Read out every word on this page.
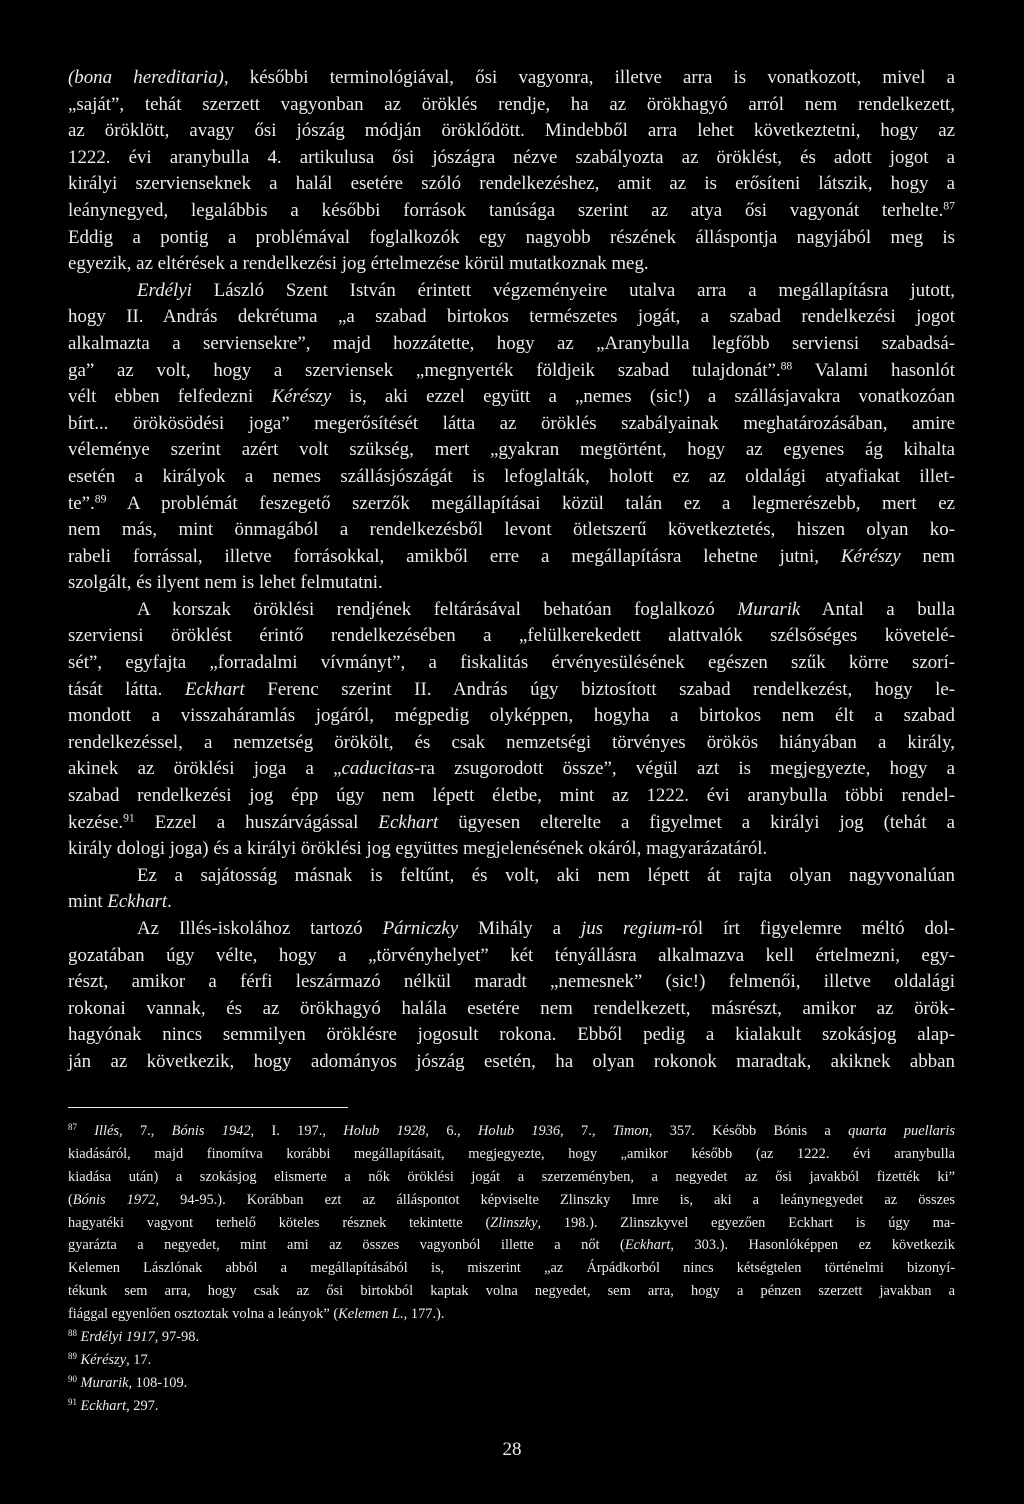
(bona hereditaria), későbbi terminológiával, ősi vagyonra, illetve arra is vonatkozott, mivel a
„saját”, tehát szerzett vagyonban az öröklés rendje, ha az örökhagyó arról nem rendelkezett,
az öröklött, avagy ősi jószág módján öröklődött. Mindebből arra lehet következtetni, hogy az
1222. évi aranybulla 4. artikulusa ősi jószágra nézve szabályozta az öröklést, és adott jogot a
királyi szervienseknek a halál esetére szóló rendelkezéshez, amit az is erősíteni látszik, hogy a
leánynegyed, legalábbis a későbbi források tanúsága szerint az atya ősi vagyonát terhelte.$^{87}$
Eddig a pontig a problémával foglalkozók egy nagyobb részének álláspontja nagyjából meg is
egyezik, az eltérések a rendelkezési jog értelmezése körül mutatkoznak meg.
Erdélyi László Szent István érintett végzeményeire utalva arra a megállapításra jutott,
hogy II. András dekrétuma „a szabad birtokos természetes jogát, a szabad rendelkezési jogot
alkalmazta a serviensekre”, majd hozzátette, hogy az „Aranybulla legfőbb serviensi szabadsá-
ga” az volt, hogy a szerviensek „megnyerték földjeik szabad tulajdonát”.$^{88}$ Valami hasonlót
vélt ebben felfedezni Kérészy is, aki ezzel együtt a „nemes (sic!) a szállásjavakra vonatkozóan
bírt... örökösödési joga” megerősítését látta az öröklés szabályainak meghatározásában, amire
véleménye szerint azért volt szükség, mert „gyakran megtörtént, hogy az egyenes ág kihalta
esetén a királyok a nemes szállásjószágát is lefoglalták, holott ez az oldalági atyafiakat illet-
te”.$^{89}$ A problémát feszegető szerzők megállapításai közül talán ez a legmerészebb, mert ez
nem más, mint önmagából a rendelkezésből levont ötletszerű következtetés, hiszen olyan ko-
rabeli forrással, illetve forrásokkal, amikből erre a megállapításra lehetne jutni, Kérészy nem
szolgált, és ilyent nem is lehet felmutatni.
A korszak öröklési rendjének feltárásával behatóan foglalkozó Murarik Antal a bulla
szerviensi öröklést érintő rendelkezésében a „felülkerekedett alattvalók szélsőséges követelé-
sét”, egyfajta „forradalmi vívmányt”, a fiskalitás érvényesülésének egészen szűk körre szorí-
tását látta. Eckhart Ferenc szerint II. András úgy biztosított szabad rendelkezést, hogy le-
mondott a visszaháramlás jogáról, mégpedig olyképpen, hogyha a birtokos nem élt a szabad
rendelkezéssel, a nemzetség örökölt, és csak nemzetségi törvényes örökös hiányában a király,
akinek az öröklési joga a „caducitas-ra zsugorodott össze”, végül azt is megjegyezte, hogy a
szabad rendelkezési jog épp úgy nem lépett életbe, mint az 1222. évi aranybulla többi rendel-
kezése.$^{91}$ Ezzel a huszárvágással Eckhart ügyesen elterelte a figyelmet a királyi jog (tehát a
király dologi joga) és a királyi öröklési jog együttes megjelenésének okáról, magyarázatáról.
Ez a sajátosság másnak is feltűnt, és volt, aki nem lépett át rajta olyan nagyvonalúan
mint Eckhart.
Az Illés-iskolához tartozó Párniczky Mihály a jus regium-ról írt figyelemre méltó dol-
gozatában úgy vélte, hogy a „törvényhelyet” két tényállásra alkalmazva kell értelmezni, egy-
részt, amikor a férfi leszármazó nélkül maradt „nemesnek” (sic!) felmenői, illetve oldalági
rokonai vannak, és az örökhagyó halála esetére nem rendelkezett, másrészt, amikor az örök-
hagyónak nincs semmilyen öröklésre jogosult rokona. Ebből pedig a kialakult szokásjog alap-
ján az következik, hogy adományos jószág esetén, ha olyan rokonok maradtak, akiknek abban
$^{87}$ Illés, 7., Bónis 1942, I. 197., Holub 1928, 6., Holub 1936, 7., Timon, 357. Később Bónis a quarta puellaris
kiadásáról, majd finomítva korábbi megállapításait, megjegyezte, hogy „amikor később (az 1222. évi aranybulla
kiadása után) a szokásjog elismerte a nők öröklési jogát a szerzeményben, a negyedet az ősi javakból fizették ki”
(Bónis 1972, 94-95.). Korábban ezt az álláspontot képviselte Zlinszky Imre is, aki a leánynegyedet az összes
hagyatéki vagyont terhelő köteles résznek tekintette (Zlinszky, 198.). Zlinszkyvel egyezően Eckhart is úgy ma-
gyarázta a negyedet, mint ami az összes vagyonból illette a nőt (Eckhart, 303.). Hasonlóképpen ez következik
Kelemen Lászlónak abból a megállapításából is, miszerint „az Árpádkorból nincs kétségtelen történelmi bizonyí-
tékunk sem arra, hogy csak az ősi birtokból kaptak volna negyedet, sem arra, hogy a pénzen szerzett javakban a
fiággal egyenlően osztoztak volna a leányok” (Kelemen L., 177.).
$^{88}$ Erdélyi 1917, 97-98.
$^{89}$ Kérészy, 17.
$^{90}$ Murarik, 108-109.
$^{91}$ Eckhart, 297.
28
